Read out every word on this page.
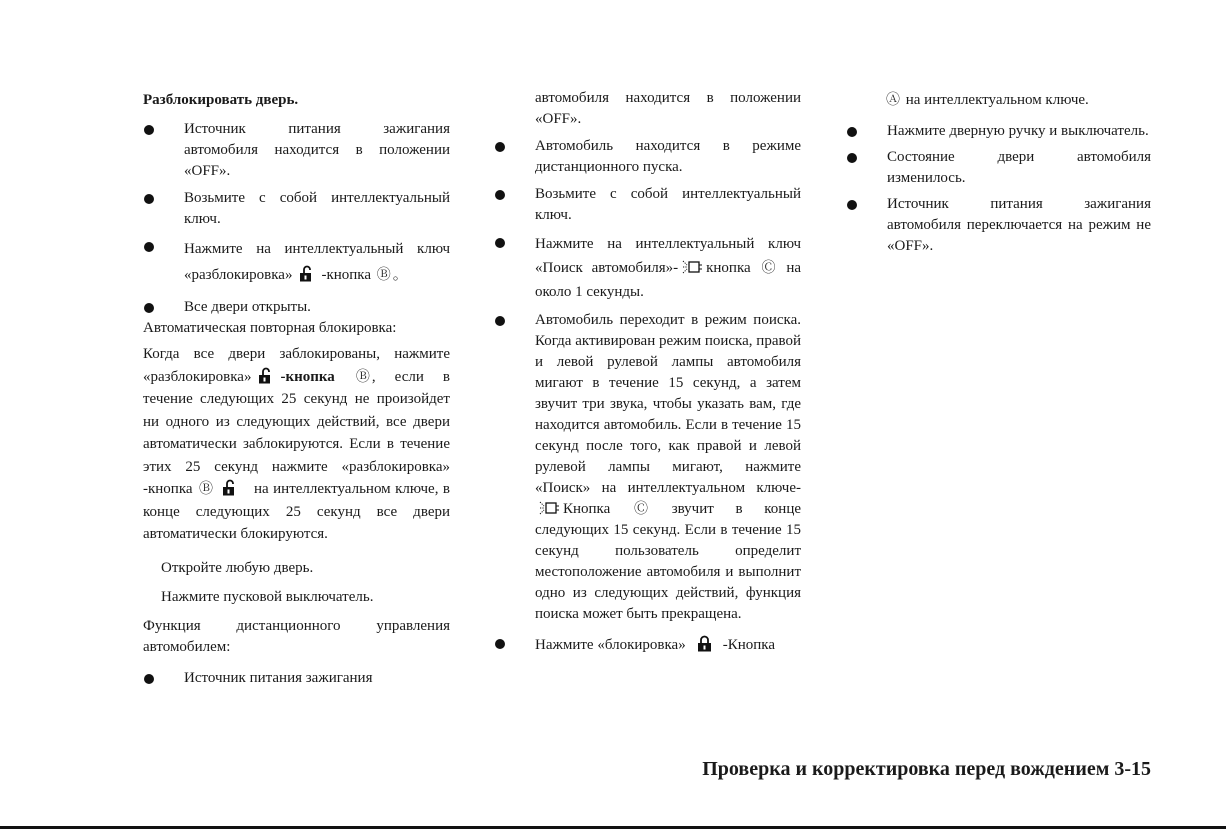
Разблокировать дверь.
Источник питания зажигания автомобиля находится в положении «OFF».
Возьмите с собой интеллектуальный ключ.
Нажмите на интеллектуальный ключ «разблокировка» -кнопка Ⓑ 。
Все двери открыты.
Автоматическая повторная блокировка:
Когда все двери заблокированы, нажмите «разблокировка» -кнопка Ⓑ , если в течение следующих 25 секунд не произойдет ни одного из следующих действий, все двери автоматически заблокируются. Если в течение этих 25 секунд нажмите «разблокировка» -кнопка Ⓑ	на интеллектуальном ключе, в конце следующих 25 секунд все двери автоматически блокируются.
Откройте любую дверь.
Нажмите пусковой выключатель.
Функция дистанционного управления автомобилем:
Источник питания зажигания
автомобиля находится в положении «OFF».
Автомобиль находится в режиме дистанционного пуска.
Возьмите с собой интеллектуальный ключ.
Нажмите на интеллектуальный ключ «Поиск автомобиля»- кнопка Ⓒ на около 1 секунды.
Автомобиль переходит в режим поиска. Когда активирован режим поиска, правой и левой рулевой лампы автомобиля мигают в течение 15 секунд, а затем звучит три звука, чтобы указать вам, где находится автомобиль. Если в течение 15 секунд после того, как правой и левой рулевой лампы мигают, нажмите «Поиск» на интеллектуальном ключе-Кнопка Ⓒ звучит в конце следующих 15 секунд. Если в течение 15 секунд пользователь определит местоположение автомобиля и выполнит одно из следующих действий, функция поиска может быть прекращена.
Нажмите «блокировка» -Кнопка
Ⓐ на интеллектуальном ключе.
Нажмите дверную ручку и выключатель.
Состояние двери автомобиля изменилось.
Источник питания зажигания автомобиля переключается на режим не «OFF».
Проверка и корректировка перед вождением 3-15
